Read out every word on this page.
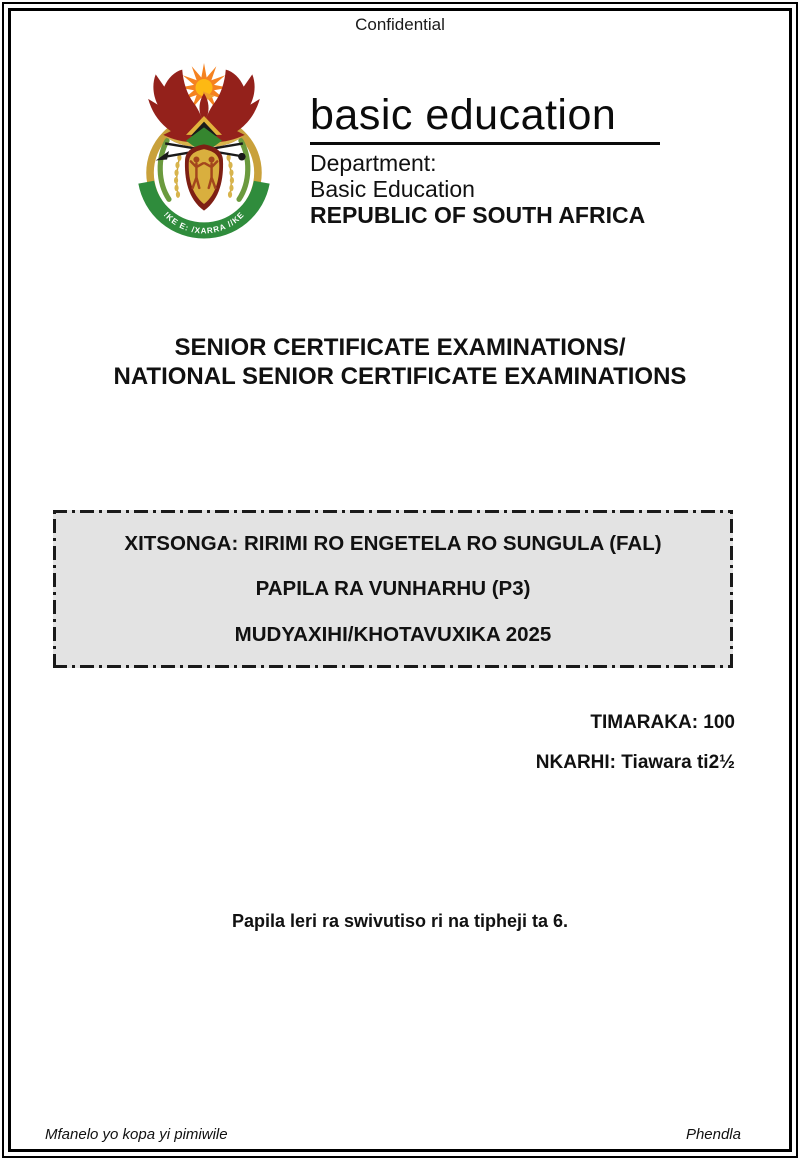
Confidential
!KE E: /XARRA //KE
basic education
Department:
Basic Education
REPUBLIC OF SOUTH AFRICA
SENIOR CERTIFICATE EXAMINATIONS/
NATIONAL SENIOR CERTIFICATE EXAMINATIONS
XITSONGA: RIRIMI RO ENGETELA RO SUNGULA (FAL)
PAPILA RA VUNHARHU (P3)
MUDYAXIHI/KHOTAVUXIKA 2025
TIMARAKA: 100
NKARHI: Tiawara ti2½
Papila leri ra swivutiso ri na tipheji ta 6.
Mfanelo yo kopa yi pimiwile	Phendla
